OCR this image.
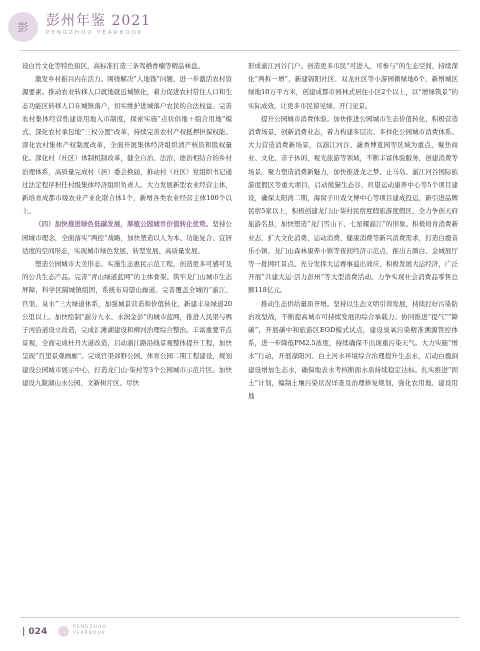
彭 彭州年鉴 2021
PENGZHOU YEARBOOK

设白竹文化等特色街区，高标准打造三条驾栖香楠等精品林盘。

激发乡村振兴内在活力。围绕解决“人地钱”问题，进一步激活农村资源要素。推动农业转移人口就地就近城镇化，着力促进农村常住人口和生态功能区转移人口在城镇落户，切实维护进城落户农民的合法权益。完善农村集体经营性建设用地入市制度，探索实施“点状供地＋组合用地”模式。深化农村承包地“三权分置”改革，持续完善农村产权抵押担保权能。深化农村集体产权制度改革，全面开展集体经济组织清产核资和股权量化。深化村（社区）体制机制改革，健全自治、法治、德治相结合的乡村治理体系，高质量完成村（居）委会换届，推动村（社区）党组织书记通过法定程序担任村级集体经济组织负责人。大力发展新型农业经营主体，新培育成都市级农业产业化联合体1个，新增各类农业经营主体100个以上。

（四）加快推进绿色低碳发展，厚植公园城市价值转化优势。坚持公园城市理念，全面落实“两控”战略，加快塑造以人为本、功能复合、宜居适度的空间形态，实现城市绿色发展、转型发展、高质量发展。

塑造公园城市大美形态。实施生态惠民示范工程，创造更多可感可及的公共生态产品。完善“青山绿道蓝网”的主体骨架。筑牢龙门山城市生态屏障，科学区隔城镇组团，系统布局望山廊道。完善覆盖全城的“湔江、官渠、泉水”三大绿道体系，加强城景营造和价值转化，新建丰泉绿道20公里以上。加快绘制“湔分九水、水润金彭”的城市蓝网，推进人民渠与鸭子河沿道设立改造，完成汇滩湖建设和柳河治理综合整治。丰富重要节点景观，全面完成杜丹大道改造，启动湔江路沿线景观整体提升工程，加快呈现“百里景观画廊”。完成官渠郊野公园、体育公园二期工程建设，规划建设公园城市展示中心，打造龙门山·柒村等3个公园城市示范片区。加快建设九陇湖山水公园、文新树片区、尽快

形成湔江河谷门户。创造更多市民“可进入、可参与”的生态空间，持续深化“两拆一增”，新建锦阳社区、双龙社区等小游园微绿地6个，新增城区绿地10万平方米，创建成都市园林式居住小区2个以上，以“增绿筑景”的实际成效，让更多市民留见绿、开门见景。

提升公园城市消费体验。加快推进公园城市生态价值转化，积极营造消费场景，创新消费业态，着力构建多层次、多样化公园城市消费体系。大力营造消费新场景，以湔江河谷、蔬香博览园等区域为重点，聚焦商业、文化、亲子休闲、观光旅游等领域，不断丰富体验服务，创建消费等场景。聚力塑造消费新魅力，加快推进龙之梦、止马岛、湔江河谷国际旅游度假区等重大项目，启动熊猫生态谷、玖望运动康养中心等5个项目建设，确保太阳湾二期、海窝子川戏文博中心等项目建成投运，新引进品牌民宿5家以上，积极创建龙门山·柒村民宿度假旅游度假区，全力争创天府旅游名县，加快塑造“龙门雪山下、七星耀湔江”的形象。积极培育消费新业态，扩大文化消费、运动消费、健康消费等新兴消费需求，打造白鹿音乐小镇、龙门山森林康养小镇等夜间经济示范点，推出五颜白、金城展厅等一批网红景点。充分发挥大运赛事溢出效应，积极发展大运经济，广泛开展“共建大运·活力彭州”等大型消费活动。力争实现社会消费品零售总额118亿元。

推动生态供给量质齐增。坚持以生态文明引领发展，持续打好污染防治攻坚战，不断提高城市可持续发展的综合承载力。协同推进“提气”“降碳”，开展碳中和旅游区EOD模式试点，建设臭氧污染精准溯源管控体系，进一步降低PM2.5浓度，持续确保不出现重污染天气。大力实施“增水”行动，开展濛阳河、白土河水环境综合治理提升生态水，启动白鹿洞建设增加生态水，确保地表水考核断面水质持续稳定达标。扎实推进“固土”计划，编制土壤污染状况详查及治理修复规划，强化农用地、建设用地

| 024	PENGZHOU
YEARBOOK
